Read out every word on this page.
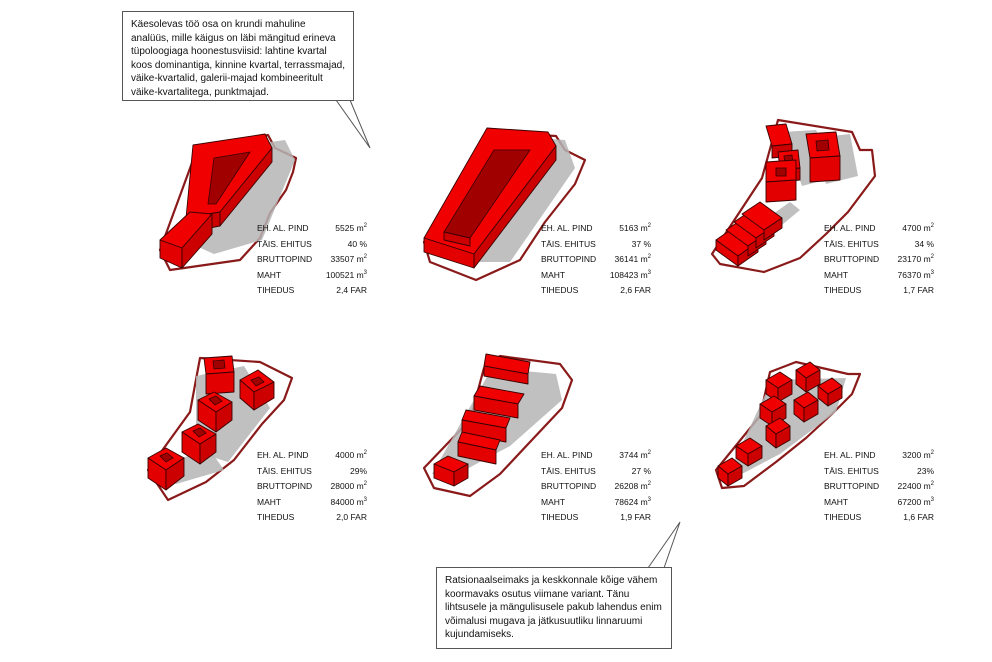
Käesolevas töö osa on krundi mahuline analüüs, mille käigus on läbi mängitud erineva tüpoloogiaga hoonestusviisid: lahtine kvartal koos dominantiga, kinnine kvartal, terrassmajad, väike-kvartalid, galerii-majad kombineeritult väike-kvartalitega, punktmajad.
Ratsionaalseimaks ja keskkonnale kõige vähem koormavaks osutus viimane variant. Tänu lihtsusele ja mängulisusele pakub lahendus enim võimalusi mugava ja jätkusuutliku linnaruumi kujundamiseks.
EH. AL. PIND	5525 $m^2$
TÄIS. EHITUS	40 %
BRUTTOPIND 33507 $m^2$
MAHT	100521 $m^3$
TIHEDUS	2,4 FAR
EH. AL. PIND	5163 $m^2$
TÄIS. EHITUS	37 %
BRUTTOPIND 36141 $m^2$
MAHT	108423 $m^3$
TIHEDUS	2,6 FAR
EH. AL. PIND	4700 $m^2$
TÄIS. EHITUS	34 %
BRUTTOPIND 23170 $m^2$
MAHT	76370 $m^3$
TIHEDUS	1,7 FAR
EH. AL. PIND	4000 $m^2$
TÄIS. EHITUS	29%
BRUTTOPIND 28000 $m^2$
MAHT	84000 $m^3$
TIHEDUS	2,0 FAR
EH. AL. PIND	3744 $m^2$
TÄIS. EHITUS	27 %
BRUTTOPIND 26208 $m^2$
MAHT	78624 $m^3$
TIHEDUS	1,9 FAR
EH. AL. PIND	3200 $m^2$
TÄIS. EHITUS	23%
BRUTTOPIND 22400 $m^2$
MAHT	67200 $m^3$
TIHEDUS	1,6 FAR
